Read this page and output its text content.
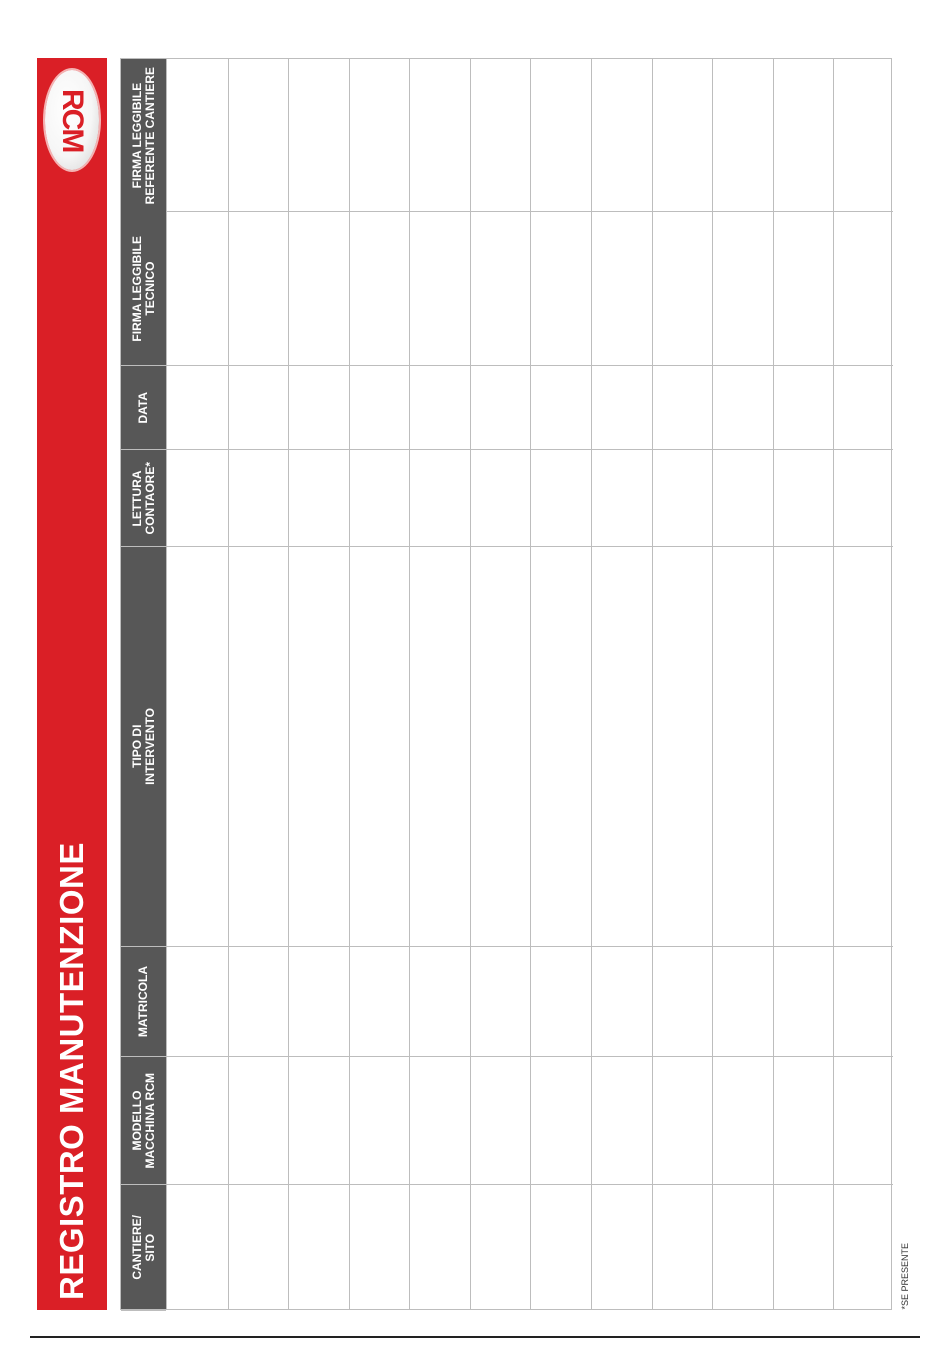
RCM
REGISTRO MANUTENZIONE	CANTIERE/
SITO
MODELLO
MACCHINA RCM
MATRICOLA
TIPO DI
INTERVENTO
LETTURA
CONTAORE*
DATA
FIRMA LEGGIBILE
TECNICO
FIRMA LEGGIBILE
REFERENTE CANTIERE
*SE PRESENTE
